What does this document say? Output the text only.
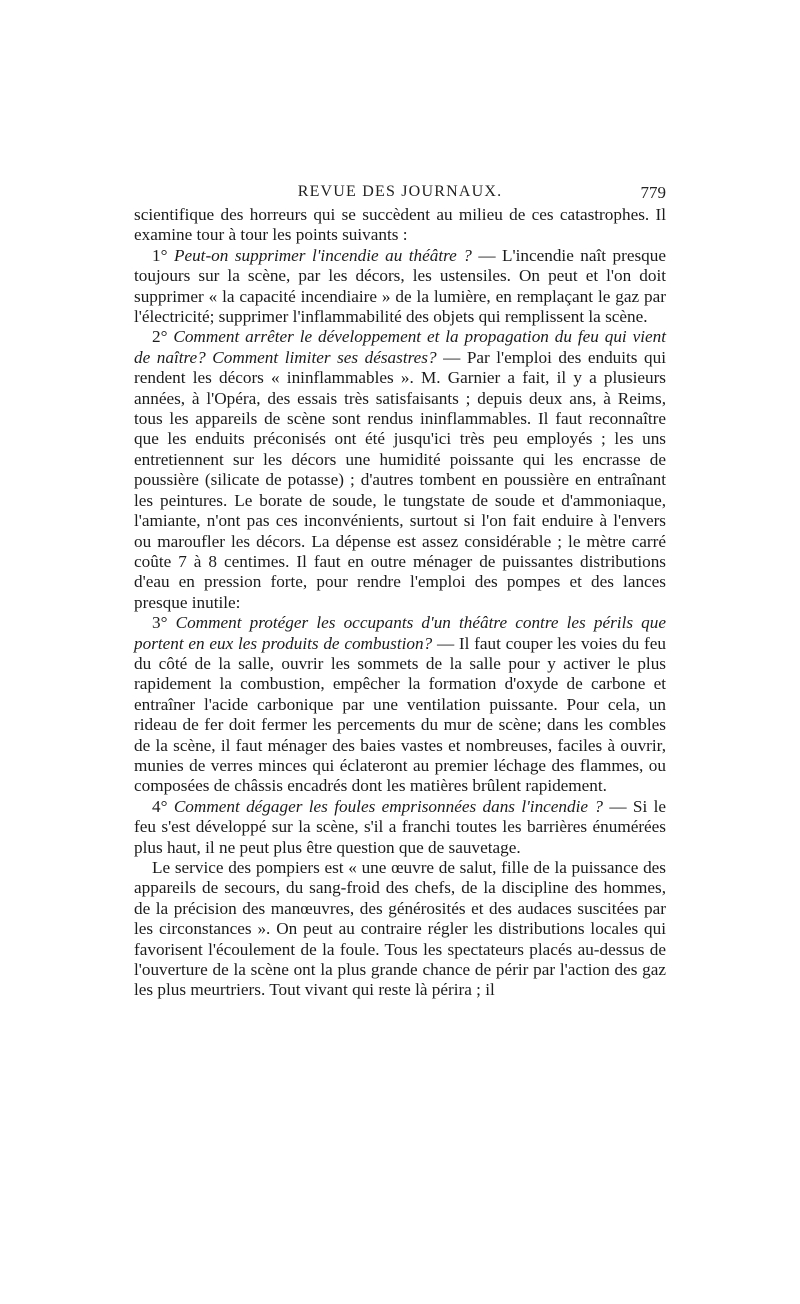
REVUE DES JOURNAUX.	779

scientifique des horreurs qui se succèdent au milieu de ces catastrophes. Il examine tour à tour les points suivants :

1° Peut-on supprimer l'incendie au théâtre ? — L'incendie naît presque toujours sur la scène, par les décors, les ustensiles. On peut et l'on doit supprimer « la capacité incendiaire » de la lumière, en remplaçant le gaz par l'électricité; supprimer l'inflammabilité des objets qui remplissent la scène.

2° Comment arrêter le développement et la propagation du feu qui vient de naître? Comment limiter ses désastres? — Par l'emploi des enduits qui rendent les décors « ininflammables ». M. Garnier a fait, il y a plusieurs années, à l'Opéra, des essais très satisfaisants ; depuis deux ans, à Reims, tous les appareils de scène sont rendus ininflammables. Il faut reconnaître que les enduits préconisés ont été jusqu'ici très peu employés ; les uns entretiennent sur les décors une humidité poissante qui les encrasse de poussière (silicate de potasse) ; d'autres tombent en poussière en entraînant les peintures. Le borate de soude, le tungstate de soude et d'ammoniaque, l'amiante, n'ont pas ces inconvénients, surtout si l'on fait enduire à l'envers ou maroufler les décors. La dépense est assez considérable ; le mètre carré coûte 7 à 8 centimes. Il faut en outre ménager de puissantes distributions d'eau en pression forte, pour rendre l'emploi des pompes et des lances presque inutile:

3° Comment protéger les occupants d'un théâtre contre les périls que portent en eux les produits de combustion? — Il faut couper les voies du feu du côté de la salle, ouvrir les sommets de la salle pour y activer le plus rapidement la combustion, empêcher la formation d'oxyde de carbone et entraîner l'acide carbonique par une ventilation puissante. Pour cela, un rideau de fer doit fermer les percements du mur de scène; dans les combles de la scène, il faut ménager des baies vastes et nombreuses, faciles à ouvrir, munies de verres minces qui éclateront au premier léchage des flammes, ou composées de châssis encadrés dont les matières brûlent rapidement.

4° Comment dégager les foules emprisonnées dans l'incendie ? — Si le feu s'est développé sur la scène, s'il a franchi toutes les barrières énumérées plus haut, il ne peut plus être question que de sauvetage.

Le service des pompiers est « une œuvre de salut, fille de la puissance des appareils de secours, du sang-froid des chefs, de la discipline des hommes, de la précision des manœuvres, des générosités et des audaces suscitées par les circonstances ». On peut au contraire régler les distributions locales qui favorisent l'écoulement de la foule. Tous les spectateurs placés au-dessus de l'ouverture de la scène ont la plus grande chance de périr par l'action des gaz les plus meurtriers. Tout vivant qui reste là périra ; il
